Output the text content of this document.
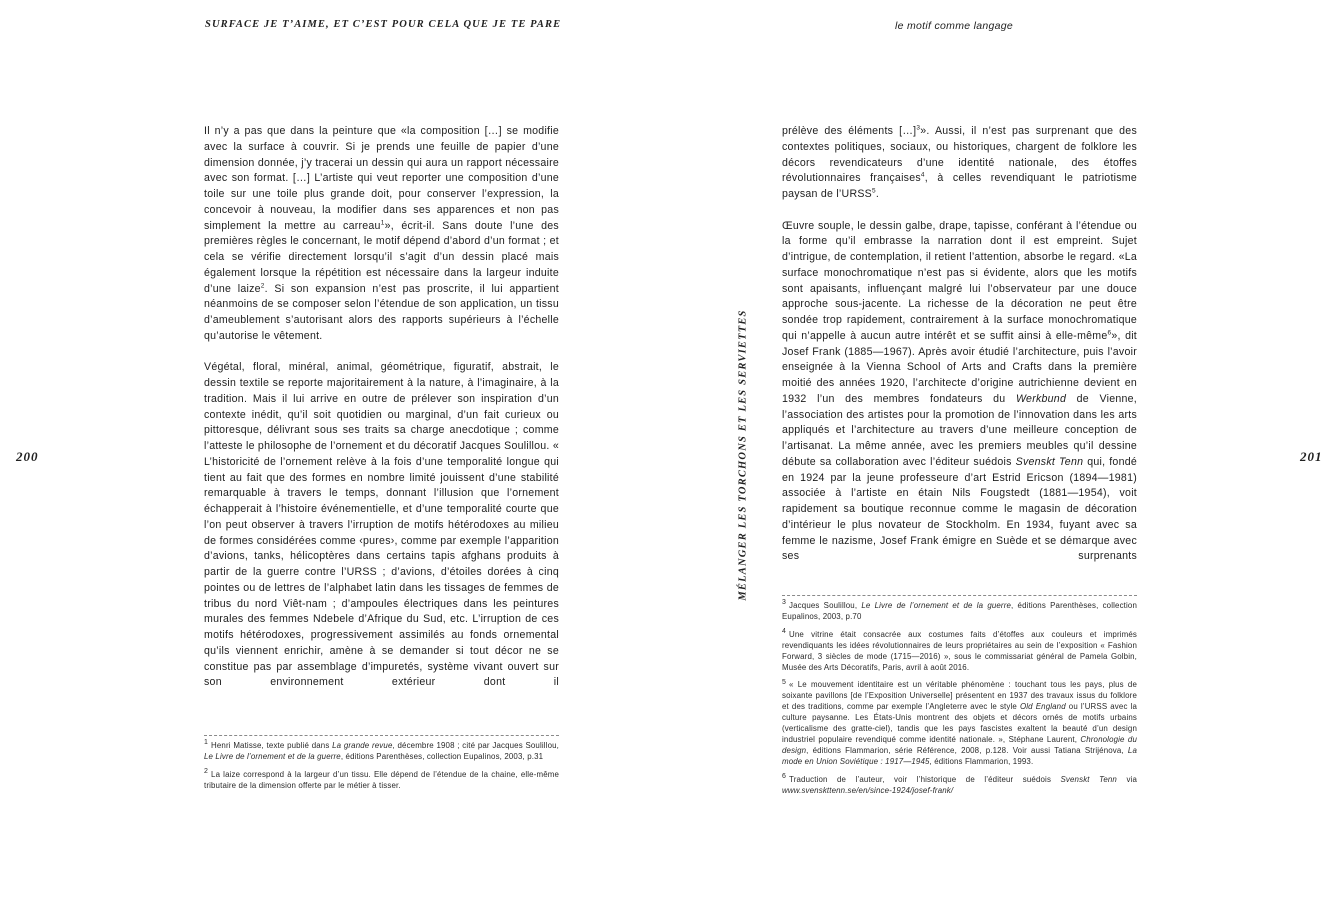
SURFACE JE T’AIME, ET C’EST POUR CELA QUE JE TE PARE
200

Il n’y a pas que dans la peinture que «la composition […] se modifie avec la surface à couvrir. Si je prends une feuille de papier d’une dimension donnée, j’y tracerai un dessin qui aura un rapport nécessaire avec son format. […] L’artiste qui veut reporter une composition d’une toile sur une toile plus grande doit, pour conserver l’expression, la concevoir à nouveau, la modifier dans ses apparences et non pas simplement la mettre au carreau$^1$», écrit-il. Sans doute l’une des premières règles le concernant, le motif dépend d’abord d’un format ; et cela se vérifie directement lorsqu’il s’agit d’un dessin placé mais également lorsque la répétition est nécessaire dans la largeur induite d’une laize$^2$. Si son expansion n’est pas proscrite, il lui appartient néanmoins de se composer selon l’étendue de son application, un tissu d’ameublement s’autorisant alors des rapports supérieurs à l’échelle qu’autorise le vêtement.

Végétal, floral, minéral, animal, géométrique, figuratif, abstrait, le dessin textile se reporte majoritairement à la nature, à l’imaginaire, à la tradition. Mais il lui arrive en outre de prélever son inspiration d’un contexte inédit, qu’il soit quotidien ou marginal, d’un fait curieux ou pittoresque, délivrant sous ses traits sa charge anecdotique ; comme l’atteste le philosophe de l’ornement et du décoratif Jacques Soulillou. « L’historicité de l’ornement relève à la fois d’une temporalité longue qui tient au fait que des formes en nombre limité jouissent d’une stabilité remarquable à travers le temps, donnant l’illusion que l’ornement échapperait à l’histoire événementielle, et d’une temporalité courte que l’on peut observer à travers l’irruption de motifs hétérodoxes au milieu de formes considérées comme ‹pures›, comme par exemple l’apparition d’avions, tanks, hélicoptères dans certains tapis afghans produits à partir de la guerre contre l’URSS ; d’avions, d’étoiles dorées à cinq pointes ou de lettres de l’alphabet latin dans les tissages de femmes de tribus du nord Viêt-nam ; d’ampoules électriques dans les peintures murales des femmes Ndebele d’Afrique du Sud, etc. L’irruption de ces motifs hétérodoxes, progressivement assimilés au fonds ornemental qu’ils viennent enrichir, amène à se demander si tout décor ne se constitue pas par assemblage d’impuretés, système vivant ouvert sur son environnement extérieur dont il

1 Henri Matisse, texte publié dans La grande revue, décembre 1908 ; cité par Jacques Soulillou, Le Livre de l’ornement et de la guerre, éditions Parenthèses, collection Eupalinos, 2003, p.31
2 La laize correspond à la largeur d’un tissu. Elle dépend de l’étendue de la chaine, elle-même tributaire de la dimension offerte par le métier à tisser.
MÉLANGER LES TORCHONS ET LES SERVIETTES
le motif comme langage
201

prélève des éléments […]$^3$». Aussi, il n’est pas surprenant que des contextes politiques, sociaux, ou historiques, chargent de folklore les décors revendicateurs d’une identité nationale, des étoffes révolutionnaires françaises$^4$, à celles revendiquant le patriotisme paysan de l’URSS$^5$.

Œuvre souple, le dessin galbe, drape, tapisse, conférant à l’étendue ou la forme qu’il embrasse la narration dont il est empreint. Sujet d’intrigue, de contemplation, il retient l’attention, absorbe le regard. «La surface monochromatique n’est pas si évidente, alors que les motifs sont apaisants, influençant malgré lui l’observateur par une douce approche sous-jacente. La richesse de la décoration ne peut être sondée trop rapidement, contrairement à la surface monochromatique qui n’appelle à aucun autre intérêt et se suffit ainsi à elle-même$^6$», dit Josef Frank (1885—1967). Après avoir étudié l’architecture, puis l’avoir enseignée à la Vienna School of Arts and Crafts dans la première moitié des années 1920, l’architecte d’origine autrichienne devient en 1932 l’un des membres fondateurs du Werkbund de Vienne, l’association des artistes pour la promotion de l’innovation dans les arts appliqués et l’architecture au travers d’une meilleure conception de l’artisanat. La même année, avec les premiers meubles qu’il dessine débute sa collaboration avec l’éditeur suédois Svenskt Tenn qui, fondé en 1924 par la jeune professeure d’art Estrid Ericson (1894—1981) associée à l’artiste en étain Nils Fougstedt (1881—1954), voit rapidement sa boutique reconnue comme le magasin de décoration d’intérieur le plus novateur de Stockholm. En 1934, fuyant avec sa femme le nazisme, Josef Frank émigre en Suède et se démarque avec ses surprenants

3 Jacques Soulillou, Le Livre de l’ornement et de la guerre, éditions Parenthèses, collection Eupalinos, 2003, p.70
4 Une vitrine était consacrée aux costumes faits d’étoffes aux couleurs et imprimés revendiquants les idées révolutionnaires de leurs propriétaires au sein de l’exposition « Fashion Forward, 3 siècles de mode (1715—2016) », sous le commissariat général de Pamela Golbin, Musée des Arts Décoratifs, Paris, avril à août 2016.
5 « Le mouvement identitaire est un véritable phénomène : touchant tous les pays, plus de soixante pavillons [de l’Exposition Universelle] présentent en 1937 des travaux issus du folklore et des traditions, comme par exemple l’Angleterre avec le style Old England ou l’URSS avec la culture paysanne. Les États-Unis montrent des objets et décors ornés de motifs urbains (verticalisme des gratte-ciel), tandis que les pays fascistes exaltent la beauté d’un design industriel populaire revendiqué comme identité nationale. », Stéphane Laurent, Chronologie du design, éditions Flammarion, série Référence, 2008, p.128. Voir aussi Tatiana Strijénova, La mode en Union Soviétique : 1917—1945, éditions Flammarion, 1993.
6 Traduction de l’auteur, voir l’historique de l’éditeur suédois Svenskt Tenn via www.svenskttenn.se/en/since-1924/josef-frank/
